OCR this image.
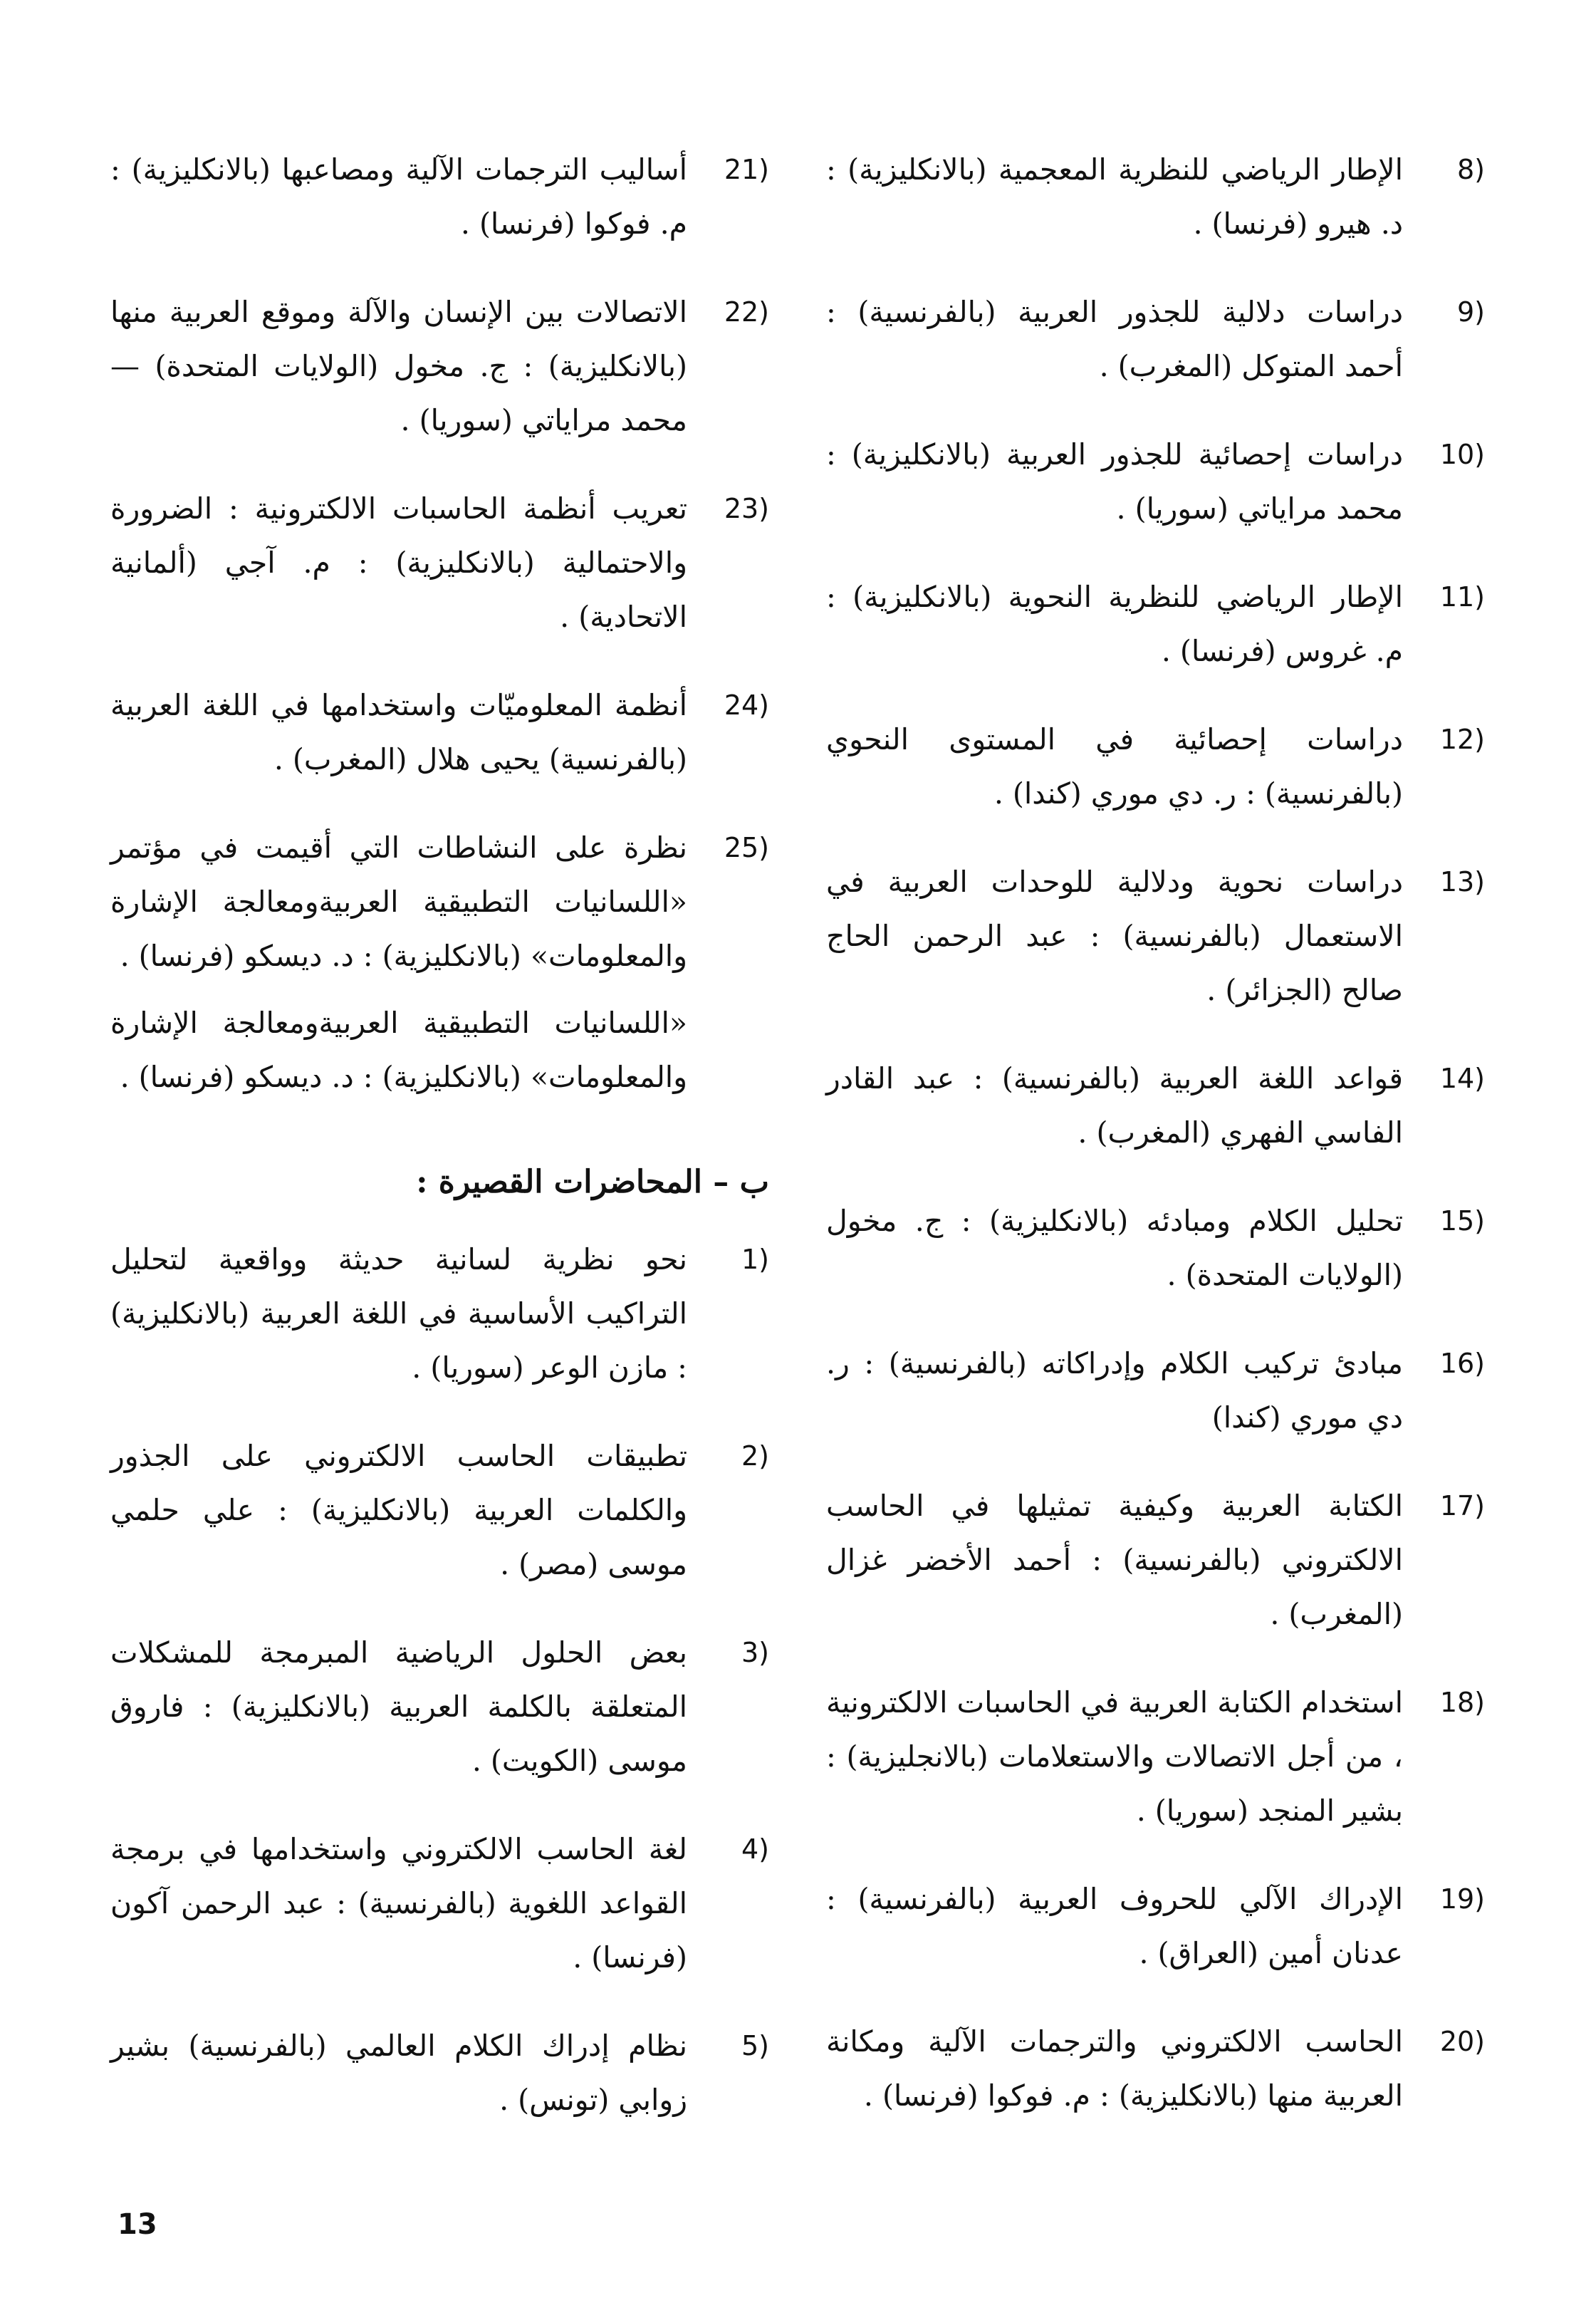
8)
الإطار الرياضي للنظرية المعجمية (بالانكليزية) : د. هيرو (فرنسا) .
9)
دراسات دلالية للجذور العربية (بالفرنسية) : أحمد المتوكل (المغرب) .
10)
دراسات إحصائية للجذور العربية (بالانكليزية) : محمد مراياتي (سوريا) .
11)
الإطار الرياضي للنظرية النحوية (بالانكليزية) : م. غروس (فرنسا) .
12)
دراسات إحصائية في المستوى النحوي (بالفرنسية) : ر. دي موري (كندا) .
13)
دراسات نحوية ودلالية للوحدات العربية في الاستعمال (بالفرنسية) : عبد الرحمن الحاج صالح (الجزائر) .
14)
قواعد اللغة العربية (بالفرنسية) : عبد القادر الفاسي الفهري (المغرب) .
15)
تحليل الكلام ومبادئه (بالانكليزية) : ج. مخول (الولايات المتحدة) .
16)
مبادئ تركيب الكلام وإدراكاته (بالفرنسية) : ر. دي موري (كندا)
17)
الكتابة العربية وكيفية تمثيلها في الحاسب الالكتروني (بالفرنسية) : أحمد الأخضر غزال (المغرب) .
18)
استخدام الكتابة العربية في الحاسبات الالكترونية ، من أجل الاتصالات والاستعلامات (بالانجليزية) : بشير المنجد (سوريا) .
19)
الإدراك الآلي للحروف العربية (بالفرنسية) : عدنان أمين (العراق) .
20)
الحاسب الالكتروني والترجمات الآلية ومكانة العربية منها (بالانكليزية) : م. فوكوا (فرنسا) .
21)
أساليب الترجمات الآلية ومصاعبها (بالانكليزية) : م. فوكوا (فرنسا) .
22)
الاتصالات بين الإنسان والآلة وموقع العربية منها (بالانكليزية) : ج. مخول (الولايات المتحدة) — محمد مراياتي (سوريا) .
23)
تعريب أنظمة الحاسبات الالكترونية : الضرورة والاحتمالية (بالانكليزية) : م. آجي (ألمانية الاتحادية) .
24)
أنظمة المعلوميّات واستخدامها في اللغة العربية (بالفرنسية) يحيى هلال (المغرب) .
25)
نظرة على النشاطات التي أقيمت في مؤتمر «اللسانيات التطبيقية العربيةومعالجة الإشارة والمعلومات» (بالانكليزية) : د. ديسكو (فرنسا) .
«اللسانيات التطبيقية العربيةومعالجة الإشارة والمعلومات» (بالانكليزية) : د. ديسكو (فرنسا) .
ب – المحاضرات القصيرة :
1)
نحو نظرية لسانية حديثة وواقعية لتحليل التراكيب الأساسية في اللغة العربية (بالانكليزية) : مازن الوعر (سوريا) .
2)
تطبيقات الحاسب الالكتروني على الجذور والكلمات العربية (بالانكليزية) : علي حلمي موسى (مصر) .
3)
بعض الحلول الرياضية المبرمجة للمشكلات المتعلقة بالكلمة العربية (بالانكليزية) : فاروق موسى (الكويت) .
4)
لغة الحاسب الالكتروني واستخدامها في برمجة القواعد اللغوية (بالفرنسية) : عبد الرحمن آكون (فرنسا) .
5)
نظام إدراك الكلام العالمي (بالفرنسية) بشير زوابي (تونس) .
13
